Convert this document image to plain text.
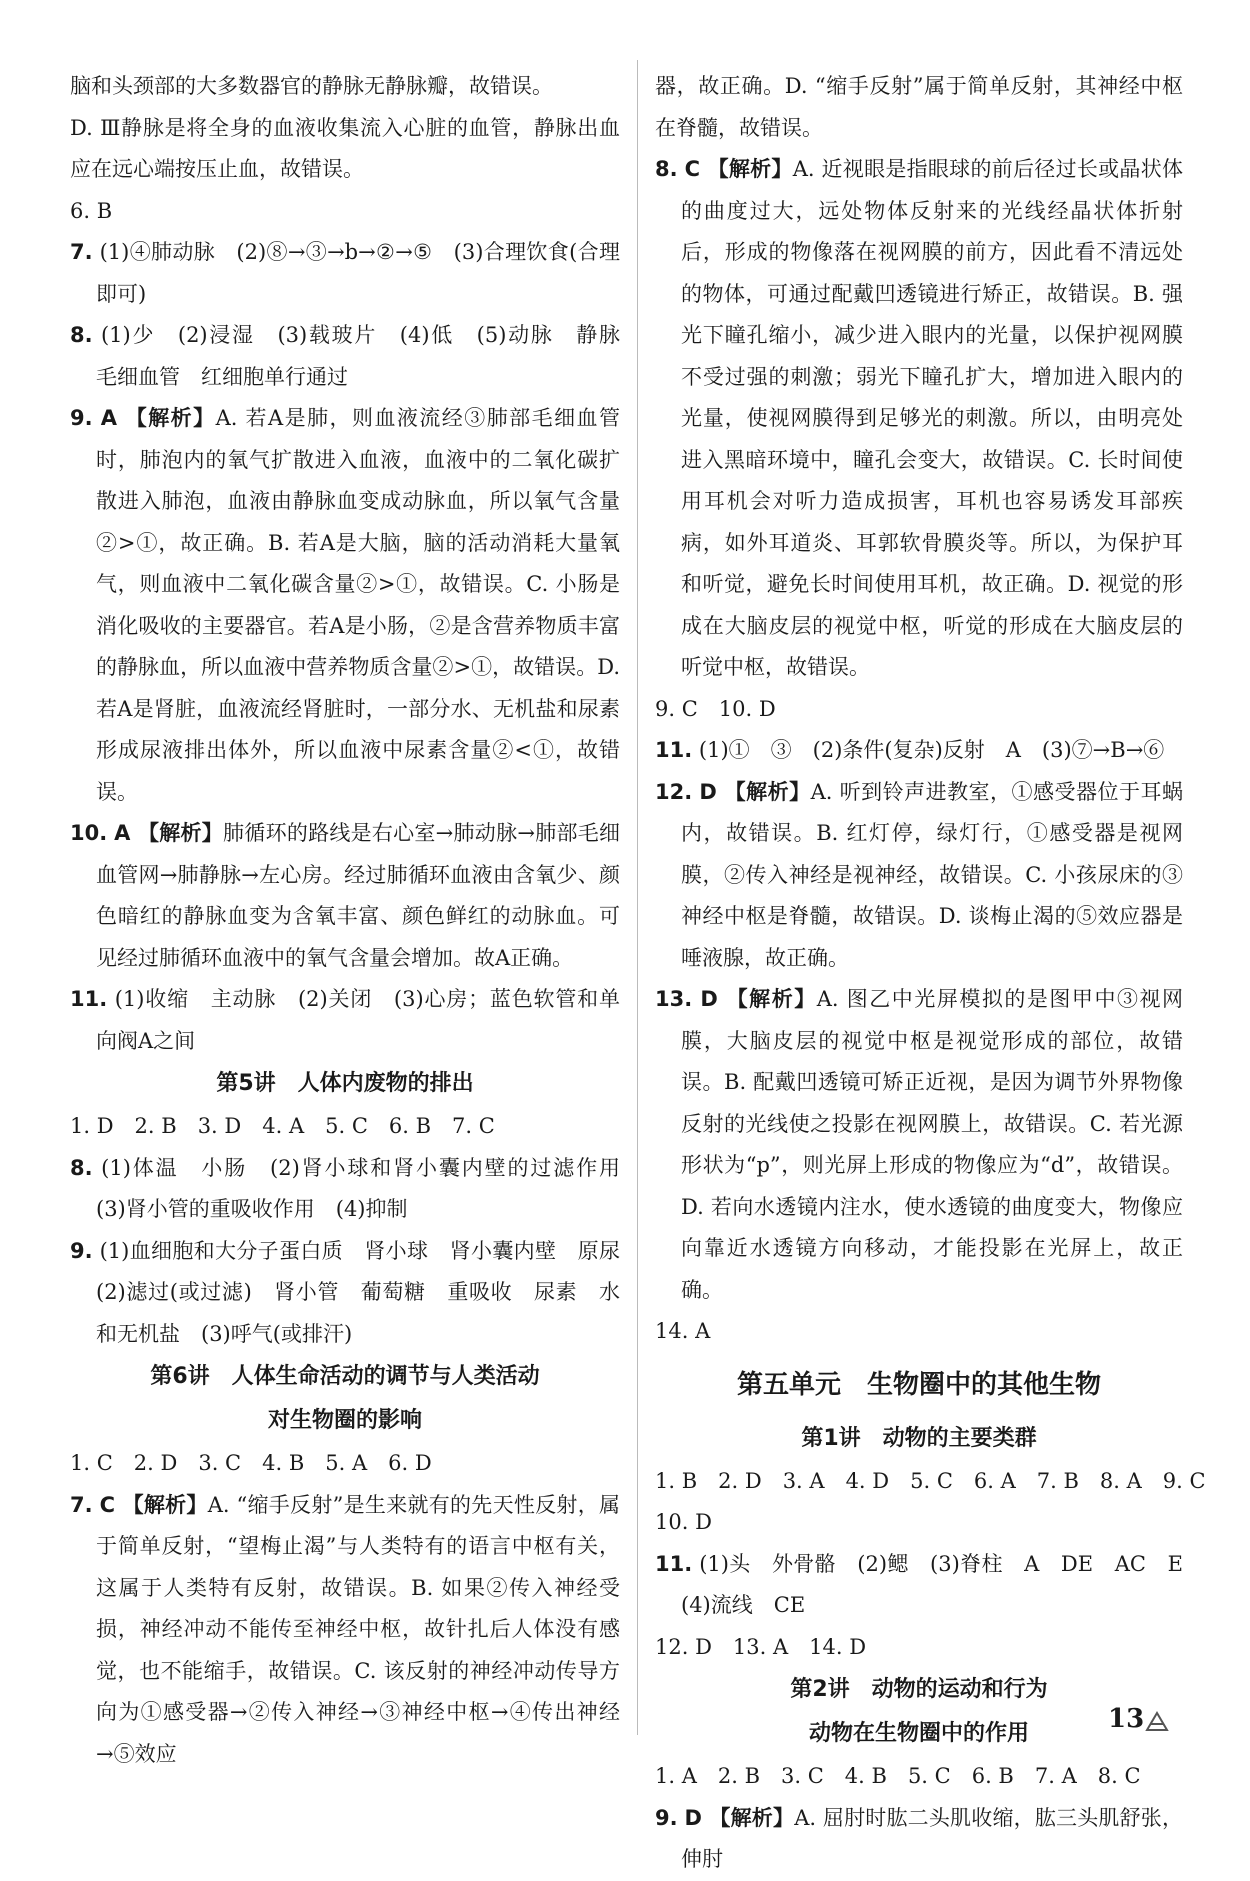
脑和头颈部的大多数器官的静脉无静脉瓣，故错误。

D. Ⅲ静脉是将全身的血液收集流入心脏的血管，静脉出血应在远心端按压止血，故错误。

6. B

7. (1)④肺动脉　(2)⑧→③→b→②→⑤　(3)合理饮食(合理即可)

8. (1)少　(2)浸湿　(3)载玻片　(4)低　(5)动脉　静脉　毛细血管　红细胞单行通过

9. A 【解析】A. 若A是肺，则血液流经③肺部毛细血管时，肺泡内的氧气扩散进入血液，血液中的二氧化碳扩散进入肺泡，血液由静脉血变成动脉血，所以氧气含量②>①，故正确。B. 若A是大脑，脑的活动消耗大量氧气，则血液中二氧化碳含量②>①，故错误。C. 小肠是消化吸收的主要器官。若A是小肠，②是含营养物质丰富的静脉血，所以血液中营养物质含量②>①，故错误。D. 若A是肾脏，血液流经肾脏时，一部分水、无机盐和尿素形成尿液排出体外，所以血液中尿素含量②<①，故错误。

10. A 【解析】肺循环的路线是右心室→肺动脉→肺部毛细血管网→肺静脉→左心房。经过肺循环血液由含氧少、颜色暗红的静脉血变为含氧丰富、颜色鲜红的动脉血。可见经过肺循环血液中的氧气含量会增加。故A正确。

11. (1)收缩　主动脉　(2)关闭　(3)心房；蓝色软管和单向阀A之间

第5讲　人体内废物的排出

1. D　2. B　3. D　4. A　5. C　6. B　7. C

8. (1)体温　小肠　(2)肾小球和肾小囊内壁的过滤作用　(3)肾小管的重吸收作用　(4)抑制

9. (1)血细胞和大分子蛋白质　肾小球　肾小囊内壁　原尿　(2)滤过(或过滤)　肾小管　葡萄糖　重吸收　尿素　水和无机盐　(3)呼气(或排汗)

第6讲　人体生命活动的调节与人类活动
对生物圈的影响

1. C　2. D　3. C　4. B　5. A　6. D

7. C 【解析】A. “缩手反射”是生来就有的先天性反射，属于简单反射，“望梅止渴”与人类特有的语言中枢有关，这属于人类特有反射，故错误。B. 如果②传入神经受损，神经冲动不能传至神经中枢，故针扎后人体没有感觉，也不能缩手，故错误。C. 该反射的神经冲动传导方向为①感受器→②传入神经→③神经中枢→④传出神经→⑤效应

器，故正确。D. “缩手反射”属于简单反射，其神经中枢在脊髓，故错误。

8. C 【解析】A. 近视眼是指眼球的前后径过长或晶状体的曲度过大，远处物体反射来的光线经晶状体折射后，形成的物像落在视网膜的前方，因此看不清远处的物体，可通过配戴凹透镜进行矫正，故错误。B. 强光下瞳孔缩小，减少进入眼内的光量，以保护视网膜不受过强的刺激；弱光下瞳孔扩大，增加进入眼内的光量，使视网膜得到足够光的刺激。所以，由明亮处进入黑暗环境中，瞳孔会变大，故错误。C. 长时间使用耳机会对听力造成损害，耳机也容易诱发耳部疾病，如外耳道炎、耳郭软骨膜炎等。所以，为保护耳和听觉，避免长时间使用耳机，故正确。D. 视觉的形成在大脑皮层的视觉中枢，听觉的形成在大脑皮层的听觉中枢，故错误。

9. C　10. D

11. (1)①　③　(2)条件(复杂)反射　A　(3)⑦→B→⑥

12. D 【解析】A. 听到铃声进教室，①感受器位于耳蜗内，故错误。B. 红灯停，绿灯行，①感受器是视网膜，②传入神经是视神经，故错误。C. 小孩尿床的③神经中枢是脊髓，故错误。D. 谈梅止渴的⑤效应器是唾液腺，故正确。

13. D 【解析】A. 图乙中光屏模拟的是图甲中③视网膜，大脑皮层的视觉中枢是视觉形成的部位，故错误。B. 配戴凹透镜可矫正近视，是因为调节外界物像反射的光线使之投影在视网膜上，故错误。C. 若光源形状为“p”，则光屏上形成的物像应为“d”，故错误。D. 若向水透镜内注水，使水透镜的曲度变大，物像应向靠近水透镜方向移动，才能投影在光屏上，故正确。

14. A

第五单元　生物圈中的其他生物
第1讲　动物的主要类群

1. B　2. D　3. A　4. D　5. C　6. A　7. B　8. A　9. C

10. D

11. (1)头　外骨骼　(2)鳃　(3)脊柱　A　DE　AC　E　(4)流线　CE

12. D　13. A　14. D

第2讲　动物的运动和行为
动物在生物圈中的作用

1. A　2. B　3. C　4. B　5. C　6. B　7. A　8. C

9. D 【解析】A. 屈肘时肱二头肌收缩，肱三头肌舒张，伸肘

13
